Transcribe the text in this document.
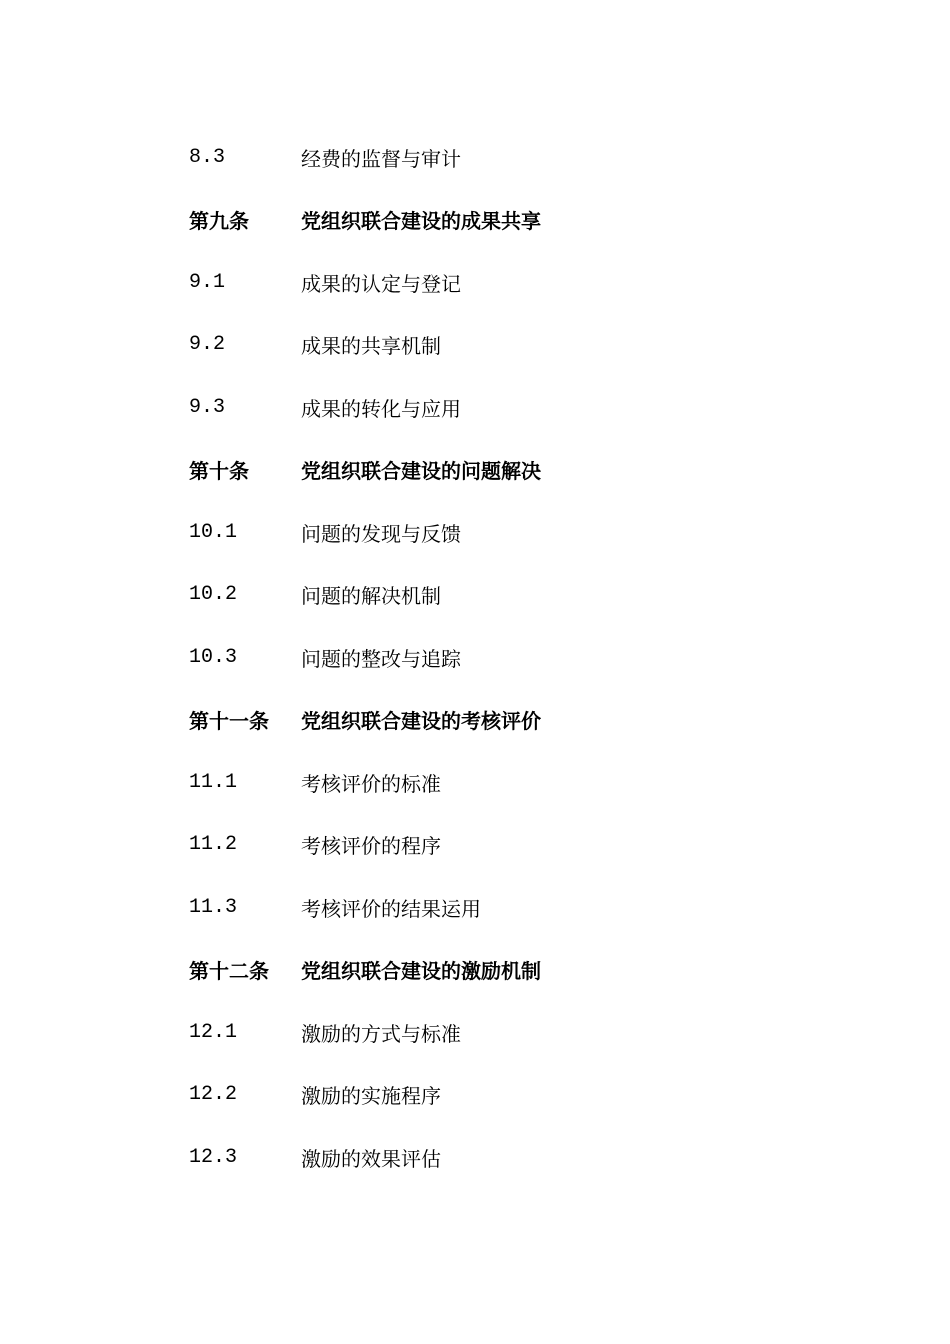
8.3	经费的监督与审计
第九条	党组织联合建设的成果共享
9.1	成果的认定与登记
9.2	成果的共享机制
9.3	成果的转化与应用
第十条	党组织联合建设的问题解决
10.1	问题的发现与反馈
10.2	问题的解决机制
10.3	问题的整改与追踪
第十一条	党组织联合建设的考核评价
11.1	考核评价的标准
11.2	考核评价的程序
11.3	考核评价的结果运用
第十二条	党组织联合建设的激励机制
12.1	激励的方式与标准
12.2	激励的实施程序
12.3	激励的效果评估
